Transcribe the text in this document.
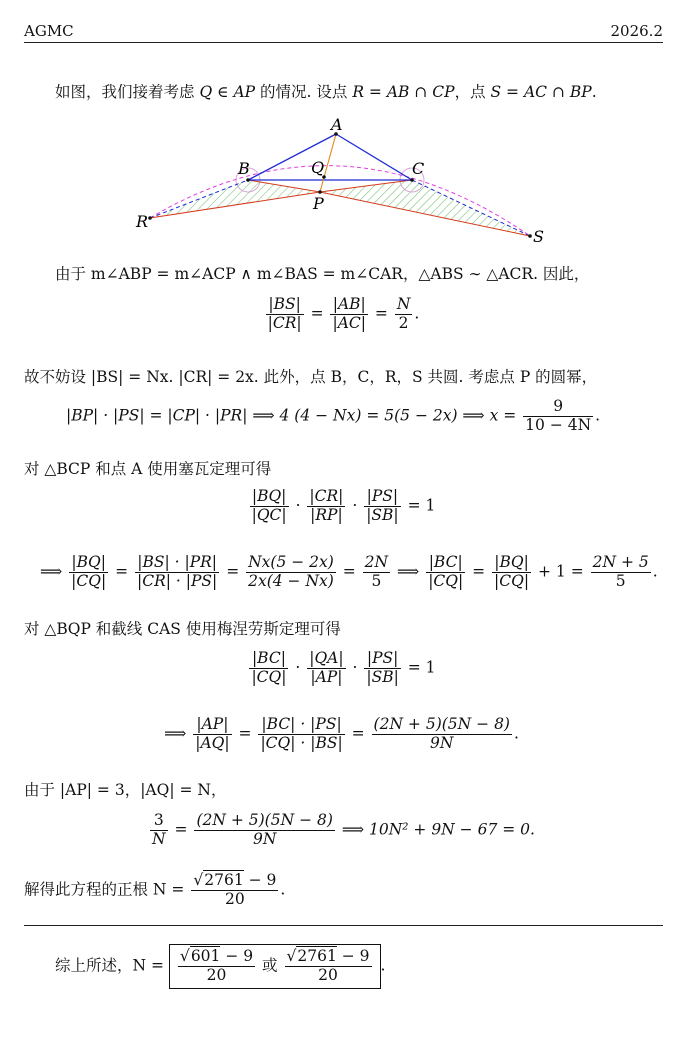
AGMC	2026.2
如图，我们接着考虑 Q ∈ AP 的情况. 设点 R = AB ∩ CP，点 S = AC ∩ BP.
A
B	C
Q
P
R
S
由于 m∠ABP = m∠ACP ∧ m∠BAS = m∠CAR，△ABS ∼ △ACR. 因此，
$\frac{|BS|}{|CR|} = \frac{|AB|}{|AC|} = \frac{N}{2}$ .
故不妨设 |BS| = Nx. |CR| = 2x. 此外，点 B，C，R，S 共圆. 考虑点 P 的圆幂，
|BP| · |PS| = |CP| · |PR| ⟹ 4 (4 − Nx) = 5(5 − 2x) ⟹ $x = \frac{9}{10 - 4N}$ .
对 △BCP 和点 A 使用塞瓦定理可得
$\frac{|BQ|}{|QC|} \cdot \frac{|CR|}{|RP|} \cdot \frac{|PS|}{|SB|} = 1$
⟹ $\frac{|BQ|}{|CQ|} = \frac{|BS| \cdot |PR|}{|CR| \cdot |PS|} = \frac{Nx(5 - 2x)}{2x(4 - Nx)} = \frac{2N}{5}$ ⟹ $\frac{|BC|}{|CQ|} = \frac{|BQ|}{|CQ|} + 1 = \frac{2N + 5}{5}$ .
对 △BQP 和截线 CAS 使用梅涅劳斯定理可得
$\frac{|BC|}{|CQ|} \cdot \frac{|QA|}{|AP|} \cdot \frac{|PS|}{|SB|} = 1$
⟹ $\frac{|AP|}{|AQ|} = \frac{|BC| \cdot |PS|}{|CQ| \cdot |BS|} = \frac{(2N + 5)(5N - 8)}{9N}$ .
由于 |AP| = 3，|AQ| = N，
$\frac{3}{N} = \frac{(2N + 5)(5N - 8)}{9N}$ ⟹ 10N² + 9N − 67 = 0.
解得此方程的正根 $N = \frac{√2761 - 9}{20}$ .
综上所述，$N = \frac{√601 - 9}{20}$ 或 $\frac{√2761 - 9}{20}$ .
